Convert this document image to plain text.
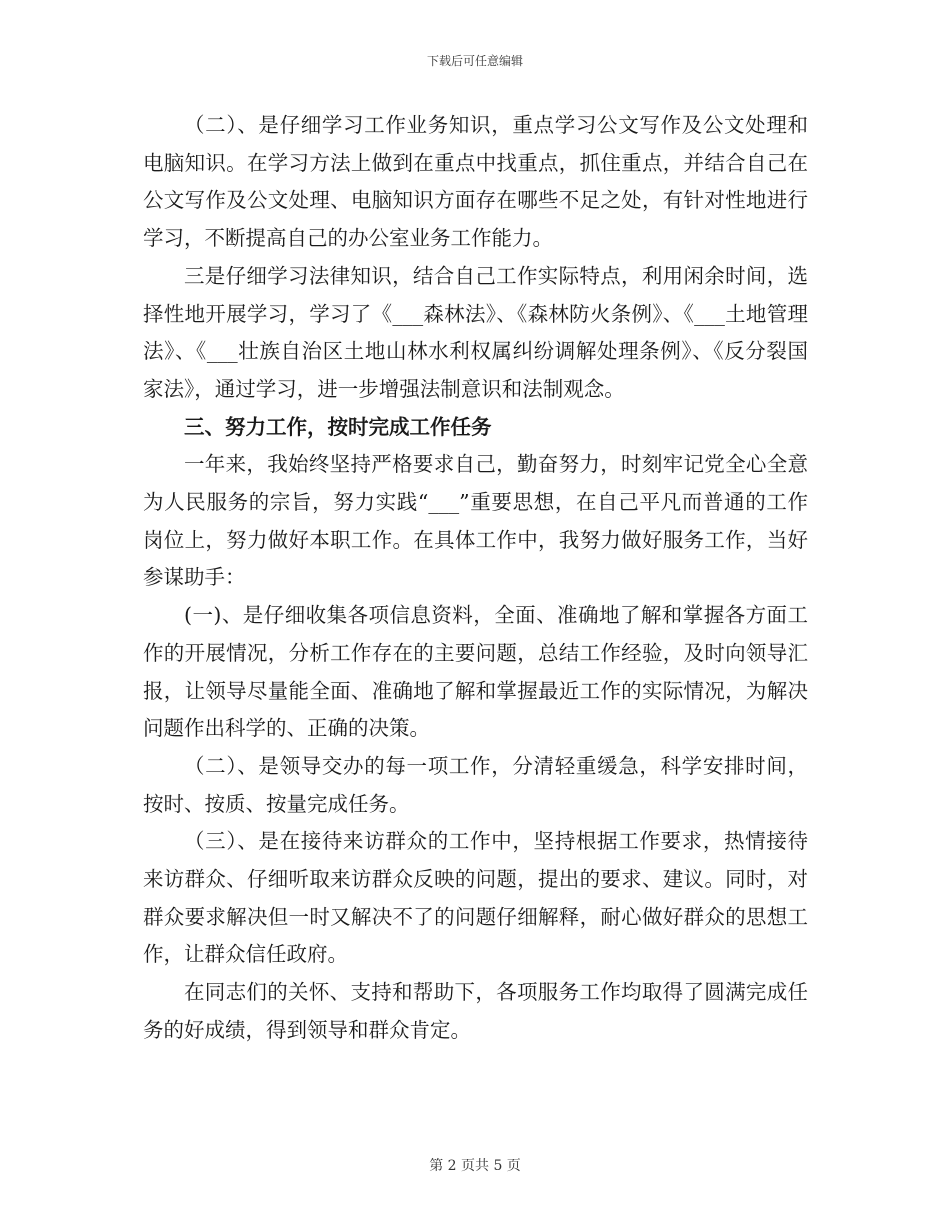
下载后可任意编辑

（二）、是仔细学习工作业务知识，重点学习公文写作及公文处理和电脑知识。在学习方法上做到在重点中找重点，抓住重点，并结合自己在公文写作及公文处理、电脑知识方面存在哪些不足之处，有针对性地进行学习，不断提高自己的办公室业务工作能力。

三是仔细学习法律知识，结合自己工作实际特点，利用闲余时间，选择性地开展学习，学习了《___森林法》、《森林防火条例》、《___土地管理法》、《___壮族自治区土地山林水利权属纠纷调解处理条例》、《反分裂国家法》，通过学习，进一步增强法制意识和法制观念。

三、努力工作，按时完成工作任务

一年来，我始终坚持严格要求自己，勤奋努力，时刻牢记党全心全意为人民服务的宗旨，努力实践“___”重要思想，在自己平凡而普通的工作岗位上，努力做好本职工作。在具体工作中，我努力做好服务工作，当好参谋助手：

(一)、是仔细收集各项信息资料，全面、准确地了解和掌握各方面工作的开展情况，分析工作存在的主要问题，总结工作经验，及时向领导汇报，让领导尽量能全面、准确地了解和掌握最近工作的实际情况，为解决问题作出科学的、正确的决策。

（二）、是领导交办的每一项工作，分清轻重缓急，科学安排时间，按时、按质、按量完成任务。

（三）、是在接待来访群众的工作中，坚持根据工作要求，热情接待来访群众、仔细听取来访群众反映的问题，提出的要求、建议。同时，对群众要求解决但一时又解决不了的问题仔细解释，耐心做好群众的思想工作，让群众信任政府。

在同志们的关怀、支持和帮助下，各项服务工作均取得了圆满完成任务的好成绩，得到领导和群众肯定。

第 2 页共 5 页
